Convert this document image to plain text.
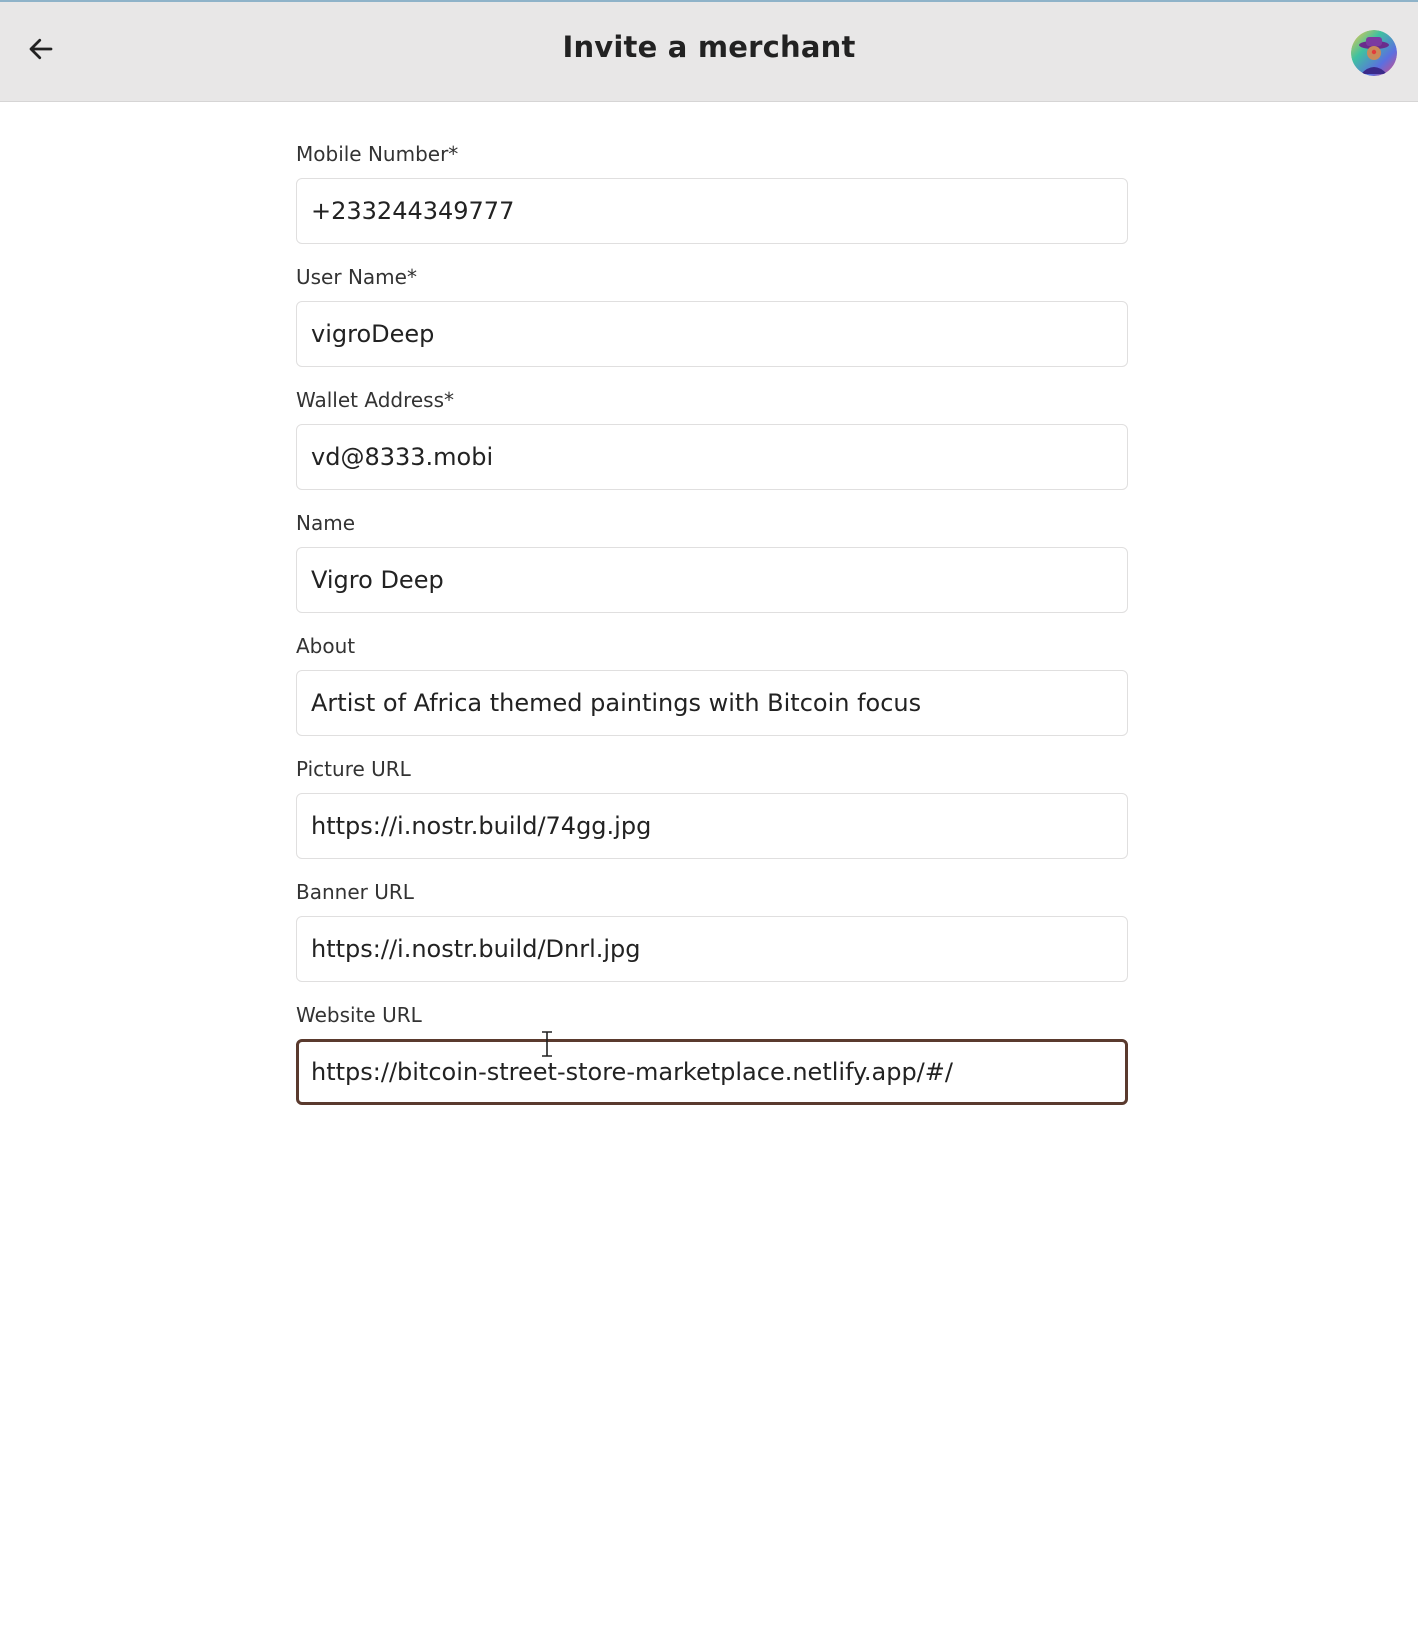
Invite a merchant
Mobile Number*
+233244349777
User Name*
vigroDeep
Wallet Address*
vd@8333.mobi
Name
Vigro Deep
About
Artist of Africa themed paintings with Bitcoin focus
Picture URL
https://i.nostr.build/74gg.jpg
Banner URL
https://i.nostr.build/Dnrl.jpg
Website URL
https://bitcoin-street-store-marketplace.netlify.app/#/
